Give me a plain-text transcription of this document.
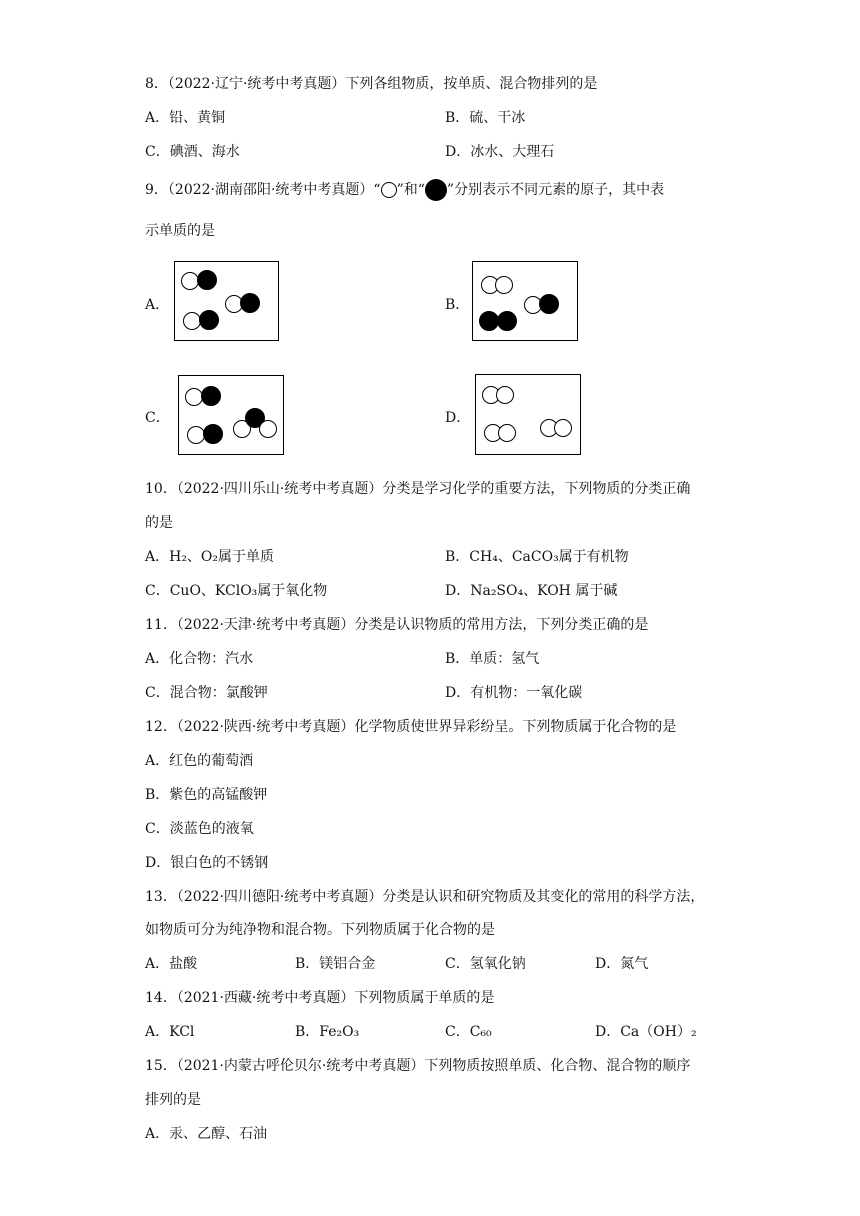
8．（2022·辽宁·统考中考真题）下列各组物质，按单质、混合物排列的是
A．铅、黄铜	B．硫、干冰
C．碘酒、海水	D．冰水、大理石
9．（2022·湖南邵阳·统考中考真题）“ ”和“ ”分别表示不同元素的原子，其中表
示单质的是
A．	B．
C．	D．
10．（2022·四川乐山·统考中考真题）分类是学习化学的重要方法，下列物质的分类正确
的是
A．H₂、O₂属于单质	B．CH₄、CaCO₃属于有机物
C．CuO、KClO₃属于氧化物	D．Na₂SO₄、KOH 属于碱
11．（2022·天津·统考中考真题）分类是认识物质的常用方法，下列分类正确的是
A．化合物：汽水	B．单质：氢气
C．混合物：氯酸钾	D．有机物：一氧化碳
12．（2022·陕西·统考中考真题）化学物质使世界异彩纷呈。下列物质属于化合物的是
A．红色的葡萄酒
B．紫色的高锰酸钾
C．淡蓝色的液氧
D．银白色的不锈钢
13．（2022·四川德阳·统考中考真题）分类是认识和研究物质及其变化的常用的科学方法，
如物质可分为纯净物和混合物。下列物质属于化合物的是
A．盐酸	B．镁铝合金	C．氢氧化钠	D．氮气
14．（2021·西藏·统考中考真题）下列物质属于单质的是
A．KCl	B．Fe₂O₃	C．C₆₀	D．Ca（OH）₂
15．（2021·内蒙古呼伦贝尔·统考中考真题）下列物质按照单质、化合物、混合物的顺序
排列的是
A．汞、乙醇、石油
